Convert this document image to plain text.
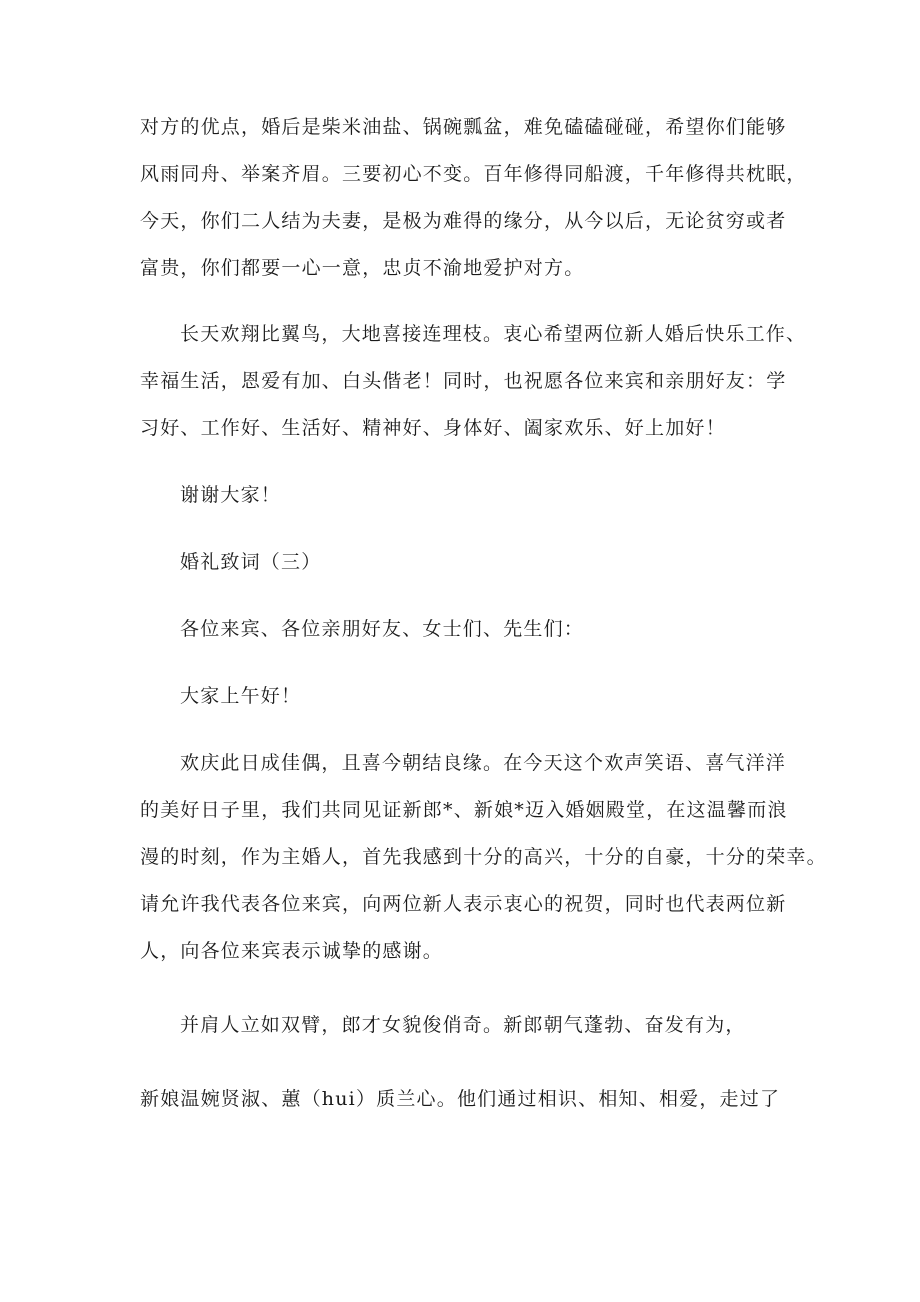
对方的优点，婚后是柴米油盐、锅碗瓢盆，难免磕磕碰碰，希望你们能够
风雨同舟、举案齐眉。三要初心不变。百年修得同船渡，千年修得共枕眠，
今天，你们二人结为夫妻，是极为难得的缘分，从今以后，无论贫穷或者
富贵，你们都要一心一意，忠贞不渝地爱护对方。
长天欢翔比翼鸟，大地喜接连理枝。衷心希望两位新人婚后快乐工作、
幸福生活，恩爱有加、白头偕老！同时，也祝愿各位来宾和亲朋好友：学
习好、工作好、生活好、精神好、身体好、阖家欢乐、好上加好！
谢谢大家！
婚礼致词（三）
各位来宾、各位亲朋好友、女士们、先生们：
大家上午好！
欢庆此日成佳偶，且喜今朝结良缘。在今天这个欢声笑语、喜气洋洋
的美好日子里，我们共同见证新郎*、新娘*迈入婚姻殿堂，在这温馨而浪
漫的时刻，作为主婚人，首先我感到十分的高兴，十分的自豪，十分的荣幸。
请允许我代表各位来宾，向两位新人表示衷心的祝贺，同时也代表两位新
人，向各位来宾表示诚挚的感谢。
并肩人立如双臂，郎才女貌俊俏奇。新郎朝气蓬勃、奋发有为，
新娘温婉贤淑、蕙（hui）质兰心。他们通过相识、相知、相爱，走过了
